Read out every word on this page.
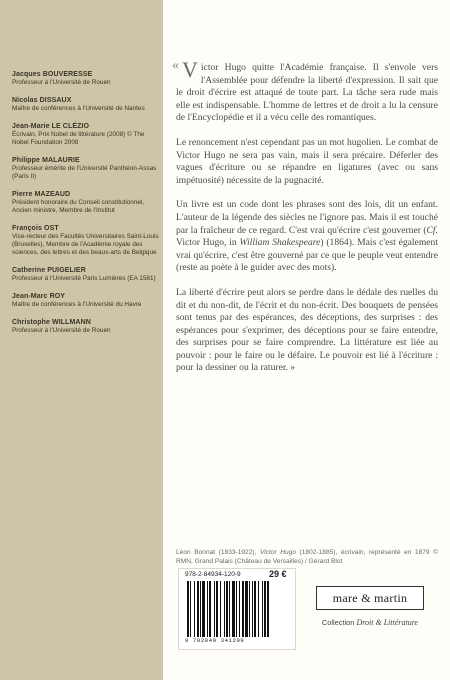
Jacques BOUVERESSE
Professeur à l'Université de Rouen
Nicolas DISSAUX
Maître de conférences à l'Université de Nantes
Jean-Marie LE CLÉZIO
Écrivain, Prix Nobel de littérature (2008) © The Nobel Foundation 2008
Philippe MALAURIE
Professeur émérite de l'Université Panthéon-Assas (Paris II)
Pierre MAZEAUD
Président honoraire du Conseil constitutionnel, Ancien ministre, Membre de l'Institut
François OST
Vice-recteur des Facultés Universitaires Saint-Louis (Bruxelles), Membre de l'Académie royale des sciences, des lettres et des beaux-arts de Belgique
Catherine PUIGELIER
Professeur à l'Université Paris Lumières (EA 1581)
Jean-Marc ROY
Maître de conférences à l'Université du Havre
Christophe WILLMANN
Professeur à l'Université de Rouen
« Victor Hugo quitte l'Académie française. Il s'envole vers l'Assemblée pour défendre la liberté d'expression. Il sait que le droit d'écrire est attaqué de toute part. La tâche sera rude mais elle est indispensable. L'homme de lettres et de droit a lu la censure de l'Encyclopédie et il a vécu celle des romantiques.

Le renoncement n'est cependant pas un mot hugolien. Le combat de Victor Hugo ne sera pas vain, mais il sera précaire. Déferler des vagues d'écriture ou se répandre en ligatures (avec ou sans impétuosité) nécessite de la pugnacité.

Un livre est un code dont les phrases sont des lois, dit un enfant. L'auteur de la légende des siècles ne l'ignore pas. Mais il est touché par la fraîcheur de ce regard. C'est vrai qu'écrire c'est gouverner (Cf. Victor Hugo, in William Shakespeare) (1864). Mais c'est également vrai qu'écrire, c'est être gouverné par ce que le peuple veut entendre (reste au poète à le guider avec des mots).

La liberté d'écrire peut alors se perdre dans le dédale des ruelles du dit et du non-dit, de l'écrit et du non-écrit. Des bouquets de pensées sont tenus par des espérances, des déceptions, des surprises : des espérances pour s'exprimer, des déceptions pour se faire entendre, des surprises pour se faire comprendre. La littérature est liée au pouvoir : pour le faire ou le défaire. Le pouvoir est lié à l'écriture : pour la dessiner ou la raturer. »

Léon Bonnat (1833-1922), Victor Hugo (1802-1885), écrivain, représenté en 1879 © RMN, Grand Palais (Château de Versailles) / Gérard Blot
978-2-84934-120-9	29 €
9 782849 341209
mare & martin
Collection Droit & Littérature
